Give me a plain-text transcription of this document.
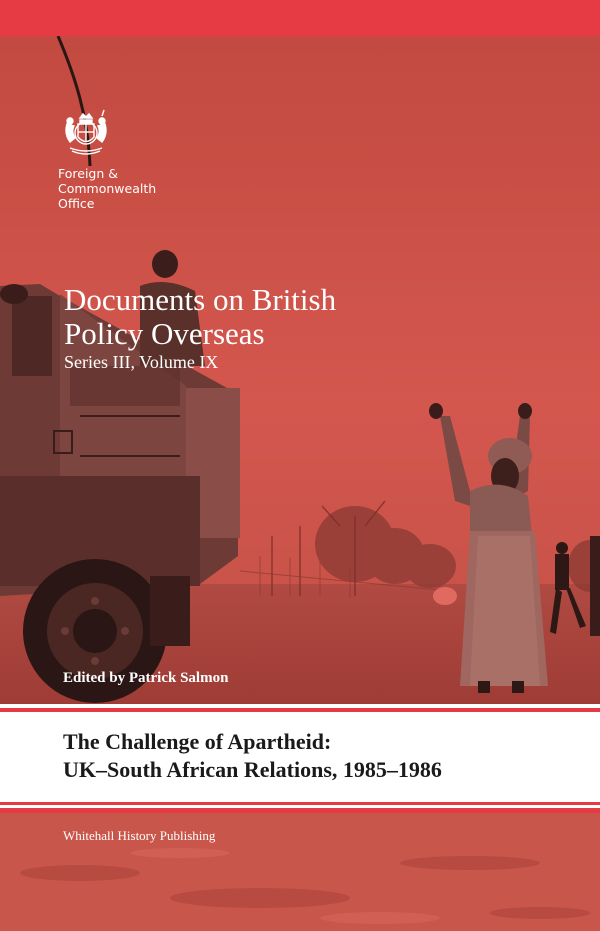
Foreign &
Commonwealth
Office
Documents on British
Policy Overseas
Series III, Volume IX
Edited by Patrick Salmon
The Challenge of Apartheid:
UK–South African Relations, 1985–1986
Whitehall History Publishing
